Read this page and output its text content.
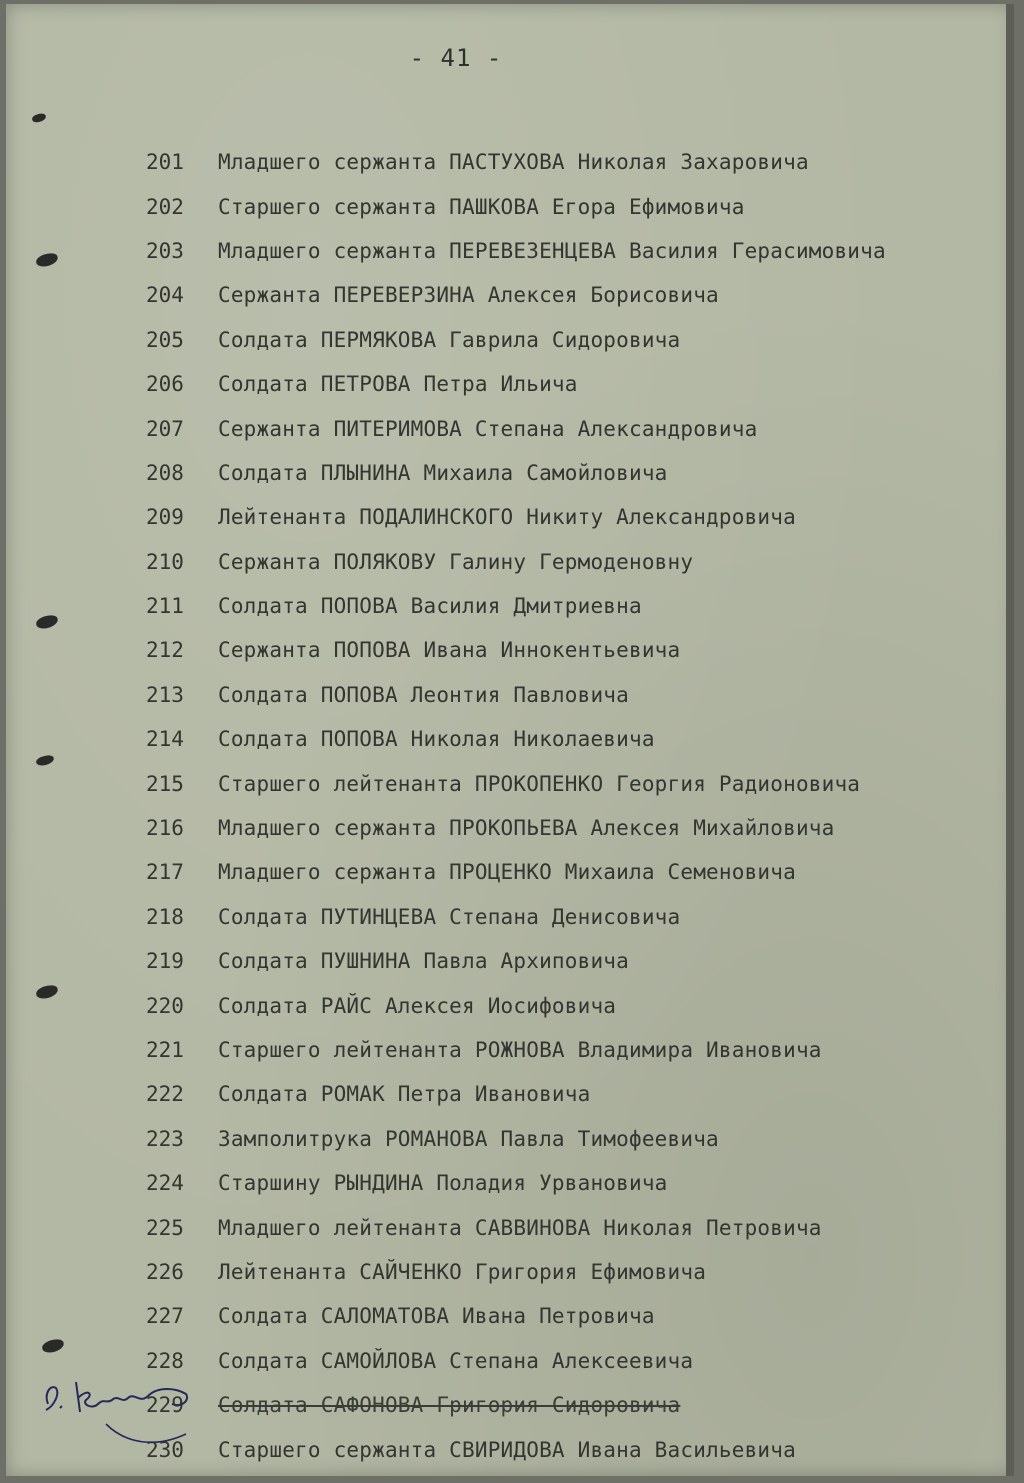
- 41 -
201	Младшего сержанта ПАСТУХОВА Николая Захаровича
202	Старшего сержанта ПАШКОВА Егора Ефимовича
203	Младшего сержанта ПЕРЕВЕЗЕНЦЕВА Василия Герасимовича
204	Сержанта ПЕРЕВЕРЗИНА Алексея Борисовича
205	Солдата ПЕРМЯКОВА Гаврила Сидоровича
206	Солдата ПЕТРОВА Петра Ильича
207	Сержанта ПИТЕРИМОВА Степана Александровича
208	Солдата ПЛЫНИНА Михаила Самойловича
209	Лейтенанта ПОДАЛИНСКОГО Никиту Александровича
210	Сержанта ПОЛЯКОВУ Галину Гермоденовну
211	Солдата ПОПОВА Василия Дмитриевна
212	Сержанта ПОПОВА Ивана Иннокентьевича
213	Солдата ПОПОВА Леонтия Павловича
214	Солдата ПОПОВА Николая Николаевича
215	Старшего лейтенанта ПРОКОПЕНКО Георгия Радионовича
216	Младшего сержанта ПРОКОПЬЕВА Алексея Михайловича
217	Младшего сержанта ПРОЦЕНКО Михаила Семеновича
218	Солдата ПУТИНЦЕВА Степана Денисовича
219	Солдата ПУШНИНА Павла Архиповича
220	Солдата РАЙС Алексея Иосифовича
221	Старшего лейтенанта РОЖНОВА Владимира Ивановича
222	Солдата РОМАК Петра Ивановича
223	Замполитрука РОМАНОВА Павла Тимофеевича
224	Старшину РЫНДИНА Поладия Урвановича
225	Младшего лейтенанта САВВИНОВА Николая Петровича
226	Лейтенанта САЙЧЕНКО Григория Ефимовича
227	Солдата САЛОМАТОВА Ивана Петровича
228	Солдата САМОЙЛОВА Степана Алексеевича
229	Солдата САФОНОВА Григория Сидоровича
230	Старшего сержанта СВИРИДОВА Ивана Васильевича
